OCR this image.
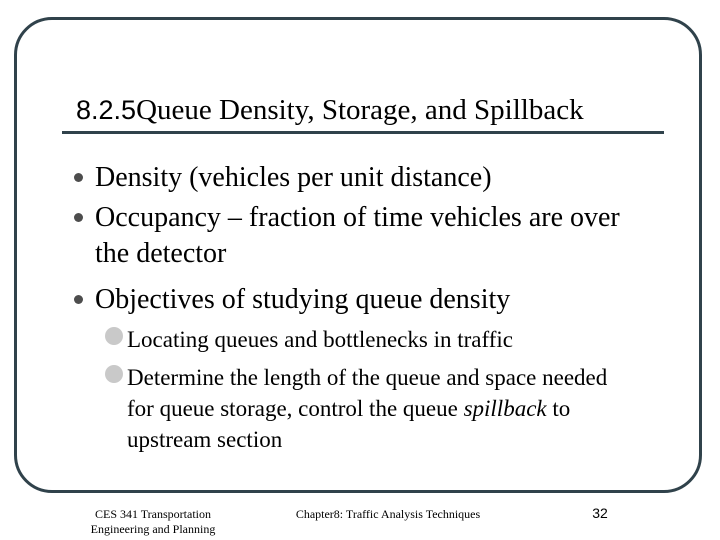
8.2.5Queue Density, Storage, and Spillback
Density (vehicles per unit distance)
Occupancy – fraction of time vehicles are over the detector
Objectives of studying queue density
Locating queues and bottlenecks in traffic
Determine the length of the queue and space needed for queue storage, control the queue spillback to upstream section
CES 341 Transportation
Engineering and Planning
Chapter8: Traffic Analysis Techniques	32
